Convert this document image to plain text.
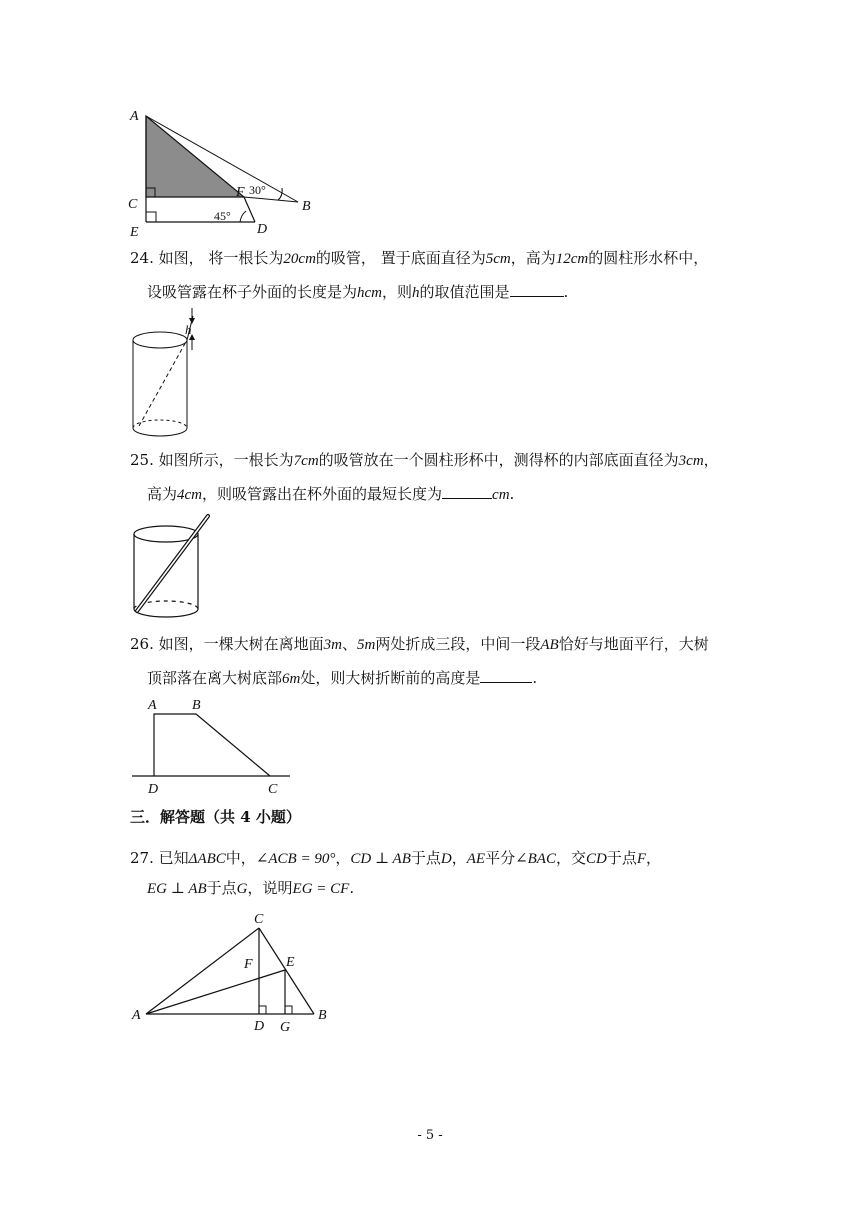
A
C
E
F 30°
45°
D
B
24. 如图， 将一根长为20cm的吸管， 置于底面直径为5cm，高为12cm的圆柱形水杯中，
设吸管露在杯子外面的长度是为hcm，则h的取值范围是	.
h
25. 如图所示，一根长为7cm的吸管放在一个圆柱形杯中，测得杯的内部底面直径为3cm，
高为4cm，则吸管露出在杯外面的最短长度为	cm.
26. 如图，一棵大树在离地面3m、5m两处折成三段，中间一段AB恰好与地面平行，大树
顶部落在离大树底部6m处，则大树折断前的高度是	.
A	B
D	C
三．解答题（共 4 小题）
27. 已知ΔABC中，∠ACB = 90°，CD ⊥ AB于点D，AE平分∠BAC，交CD于点F，
EG ⊥ AB于点G，说明EG = CF.
C
F E
A
D G
B
- 5 -
